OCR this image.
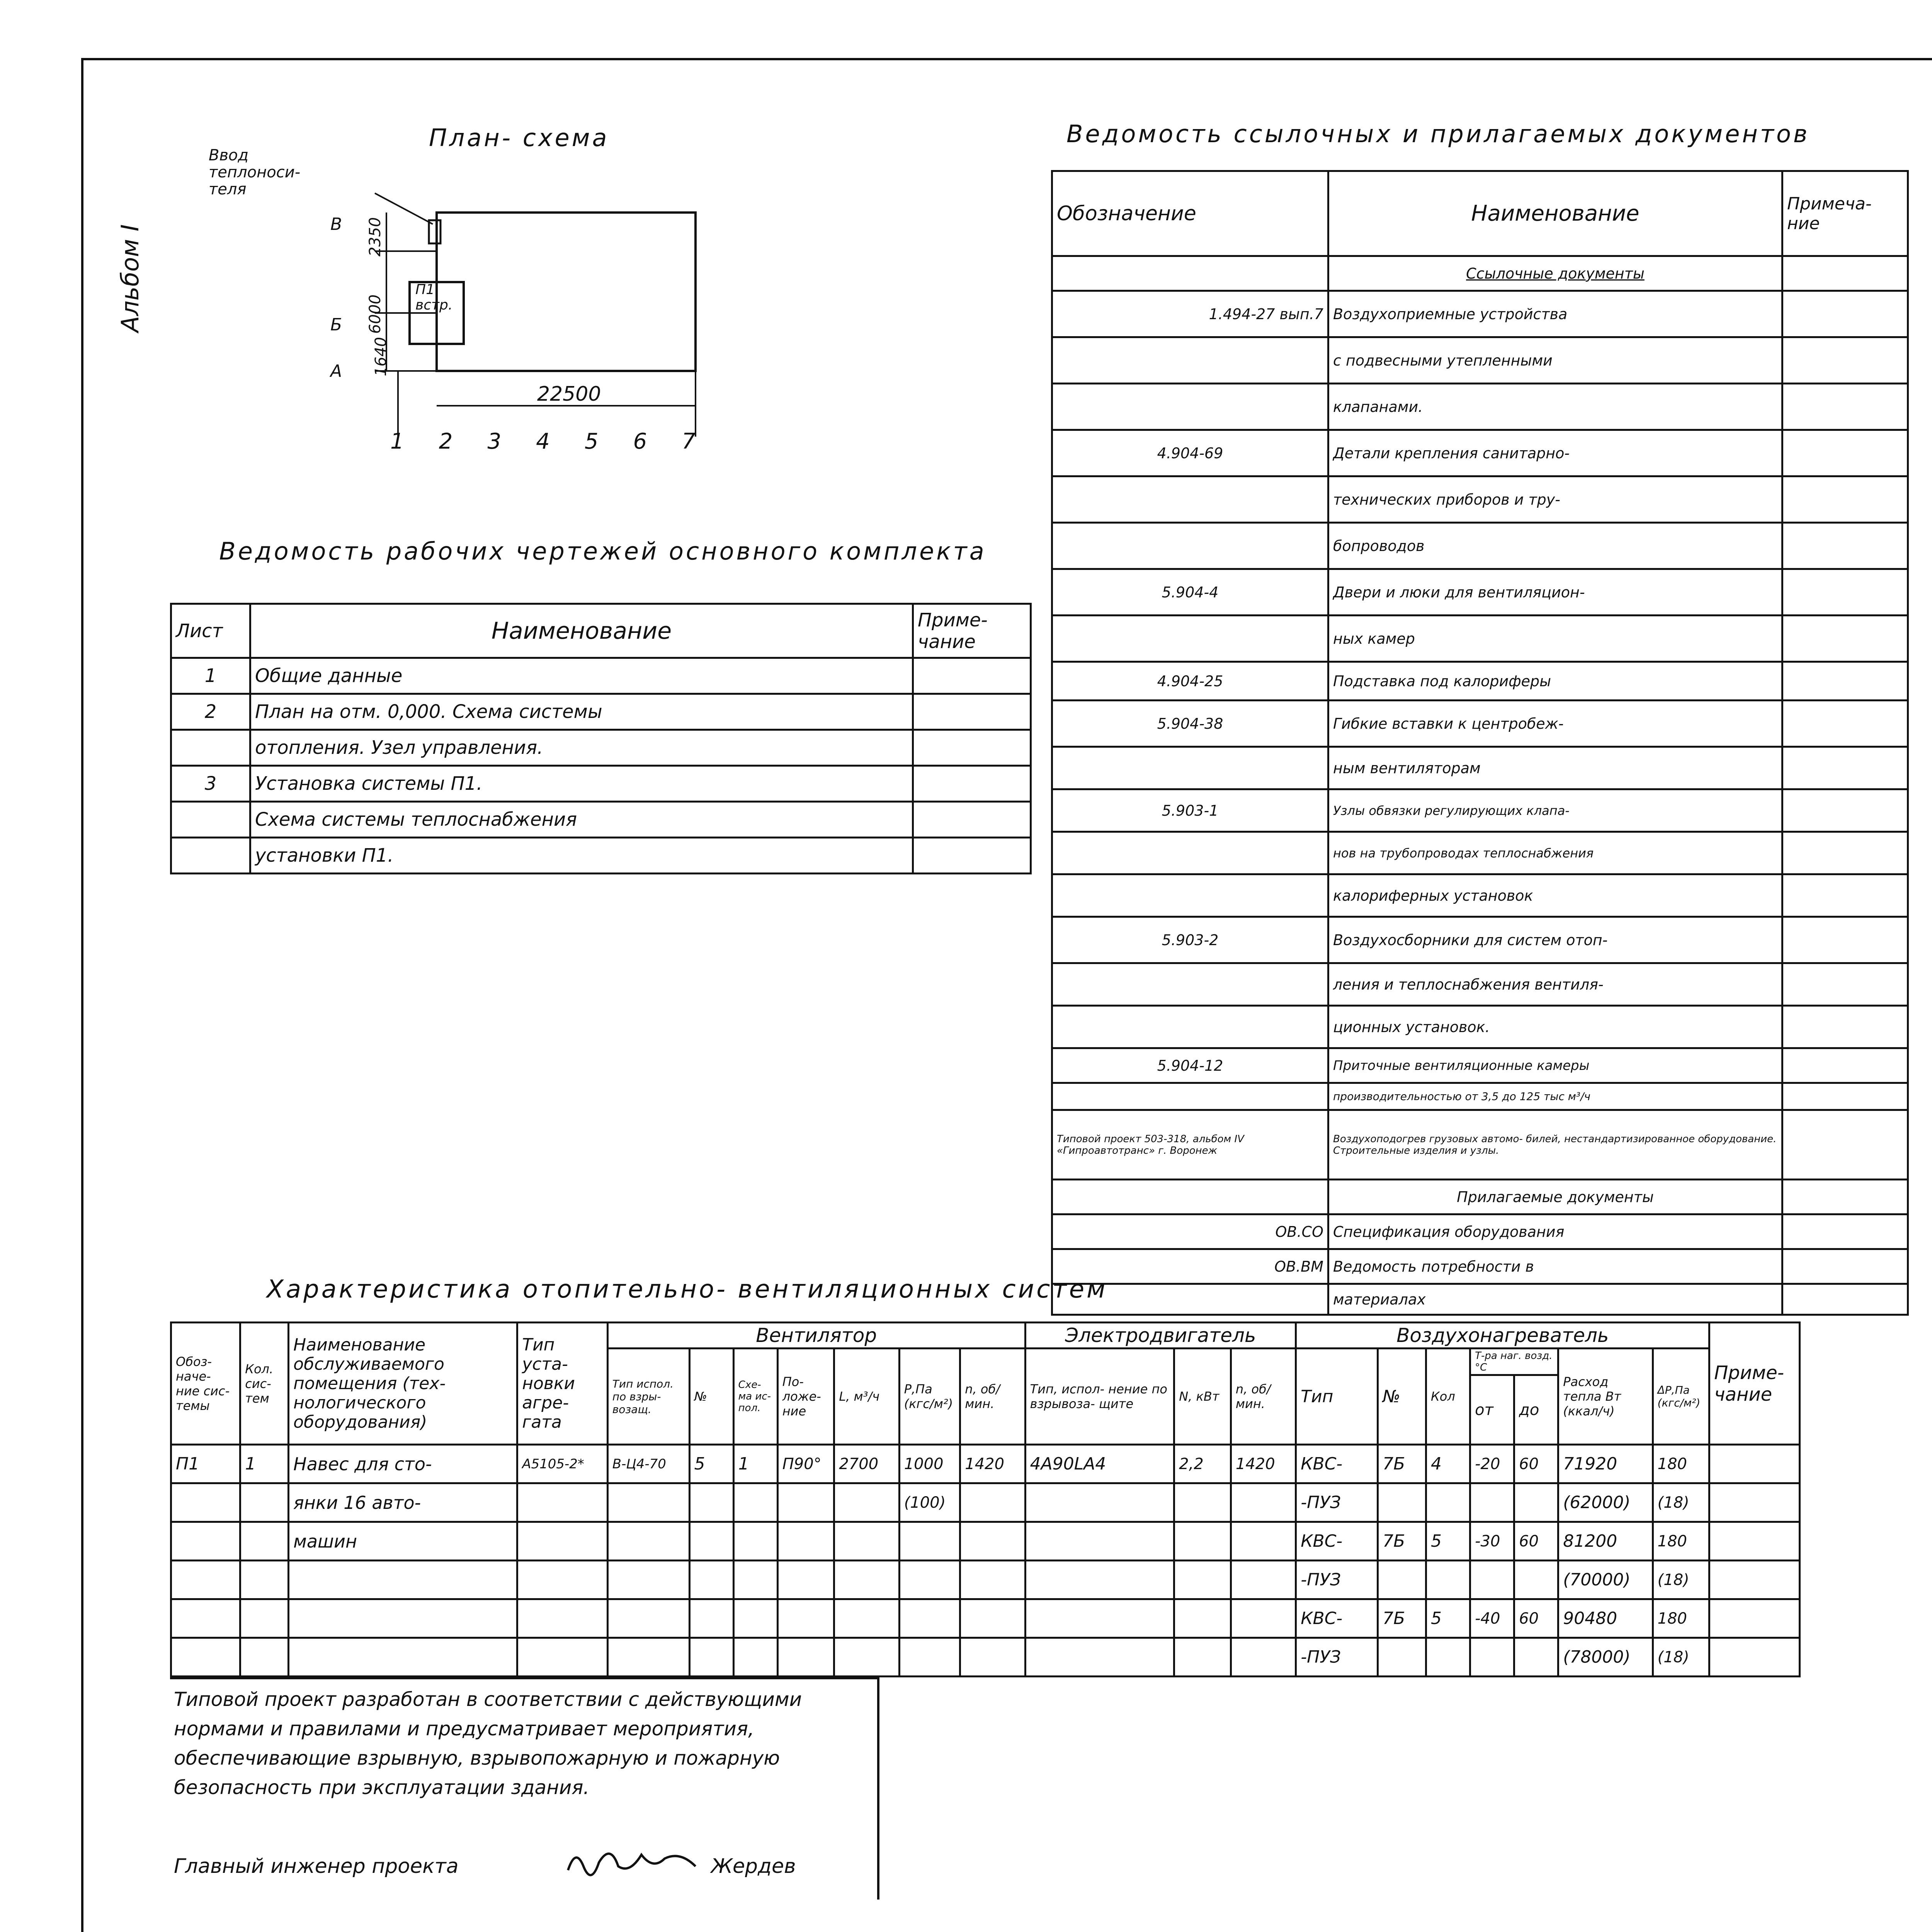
Альбом I
План- схема
Ввод теплоноси- теля
П1 встр.
22500
6000
2350
1640
В
Б
А
1 2 3 4 5 6 7
Ведомость рабочих чертежей основного комплекта
Лист	Наименование	Приме- чание
1	Общие данные	
2	План на отм. 0,000. Схема системы	
	отопления. Узел управления.	
3	Установка системы П1.	
	Схема системы теплоснабжения	
	установки П1.	
Ведомость ссылочных и прилагаемых документов
Обозначение	Наименование	Примеча- ние
	Ссылочные документы	
1.494-27 вып.7	Воздухоприемные устройства	
	с подвесными утепленными	
	клапанами.	
4.904-69	Детали крепления санитарно-	
	технических приборов и тру-	
	бопроводов	
5.904-4	Двери и люки для вентиляцион-	
	ных камер	
4.904-25	Подставка под калориферы	
5.904-38	Гибкие вставки к центробеж-	
	ным вентиляторам	
5.903-1	Узлы обвязки регулирующих клапа-	
	нов на трубопроводах теплоснабжения	
	калориферных установок	
5.903-2	Воздухосборники для систем отоп-	
	ления и теплоснабжения вентиля-	
	ционных установок.	
5.904-12	Приточные вентиляционные камеры	
	производительностью от 3,5 до 125 тыс м³/ч	
Типовой проект 503-318, альбом IV «Гипроавтотранс» г. Воронеж	Воздухоподогрев грузовых автомо- билей, нестандартизированное оборудование. Строительные изделия и узлы.	
	Прилагаемые документы	
ОВ.СО	Спецификация оборудования	
ОВ.ВМ	Ведомость потребности в	
	материалах	

Характеристика отопительно- вентиляционных систем
Обоз- наче- ние сис- темы	Кол. сис- тем	Наименование обслуживаемого помещения (тех- нологического оборудования)	Тип уста- новки агре- гата	Вентилятор							Электродвигатель			Воздухонагреватель							Приме- чание
				Тип испол. по взры- возащ.	№	Схе- ма ис- пол.	По- ложе- ние	L, м³/ч	Р,Па (кгс/м²)	n, об/мин.	Тип, испол- нение по взрывоза- щите	N, кВт	n, об/мин.	Тип	№	Кол	Т-ра наг. возд. °С		Расход тепла Вт (ккал/ч)	ΔР,Па (кгс/м²)	
																	от	до			
П1	1	Навес для сто-	А5105-2*	В-Ц4-70	5	1	П90°	2700	1000	1420	4А90LA4	2,2	1420	КВС-	7Б	4	-20	60	71920	180	
		янки 16 авто-							(100)					-ПУЗ					(62000)	(18)	
		машин												КВС-	7Б	5	-30	60	81200	180	
														-ПУЗ					(70000)	(18)	
														КВС-	7Б	5	-40	60	90480	180	
														-ПУЗ					(78000)	(18)	
Типовой проект разработан в соответствии с действующими нормами и правилами и предусматривает мероприятия, обеспечивающие взрывную, взрывопожарную и пожарную безопасность при эксплуатации здания.
Главный инженер проекта	Жердев
